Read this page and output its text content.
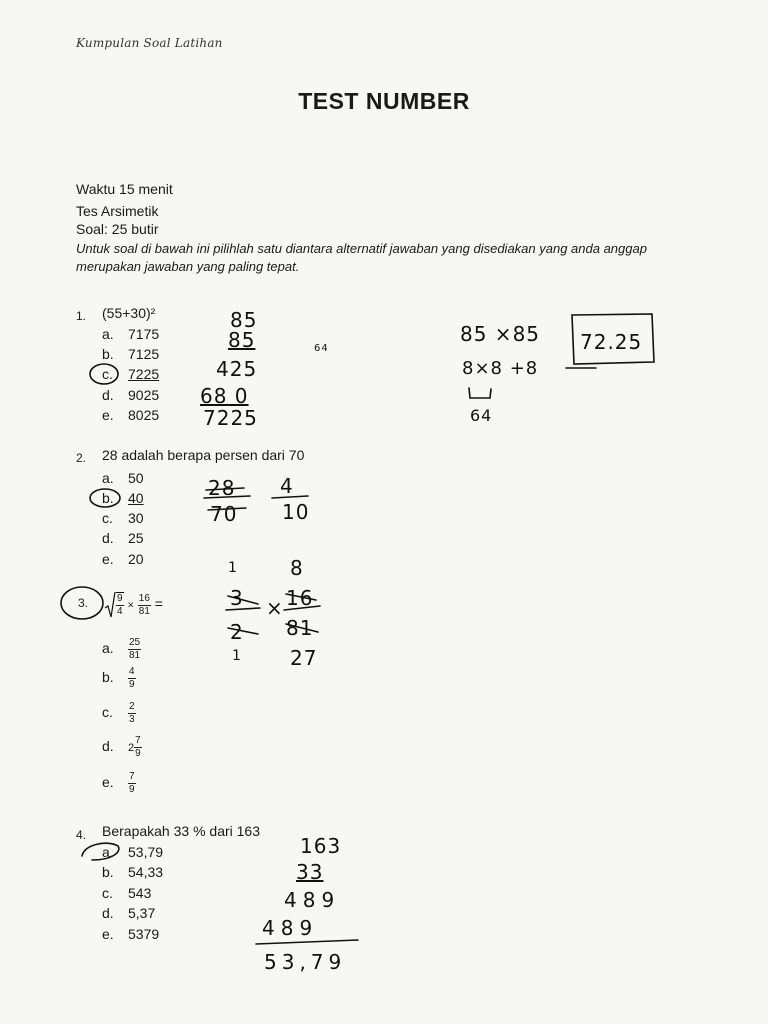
Kumpulan Soal Latihan
TEST NUMBER
Waktu 15 menit
Tes Arsimetik
Soal: 25 butir
Untuk soal di bawah ini pilihlah satu diantara alternatif jawaban yang disediakan yang anda anggap
merupakan jawaban yang paling tepat.
1. (55+30)²
a. 7175
b. 7125
c. 7225
d. 9025
e. 8025
85
85
425
68 0
7225
64
85 ×85
8×8 +8
64
72.25
2. 28 adalah berapa persen dari 70
a. 50
b. 40
c. 30
d. 25
e. 20
28 4
70 10
3.	$\frac{9}{4} \times \frac{16}{81}$ =
a. $\frac{25}{81}$
b. $\frac{4}{9}$
c. $\frac{2}{3}$
d. $2 \frac{7}{9}$
e. $\frac{7}{9}$
1	8
3 16
×
2 81
1 27
4. Berapakah 33 % dari 163
a. 53,79
b. 54,33
c. 543
d. 5,37
e. 5379
163
33
489
489
53,79
